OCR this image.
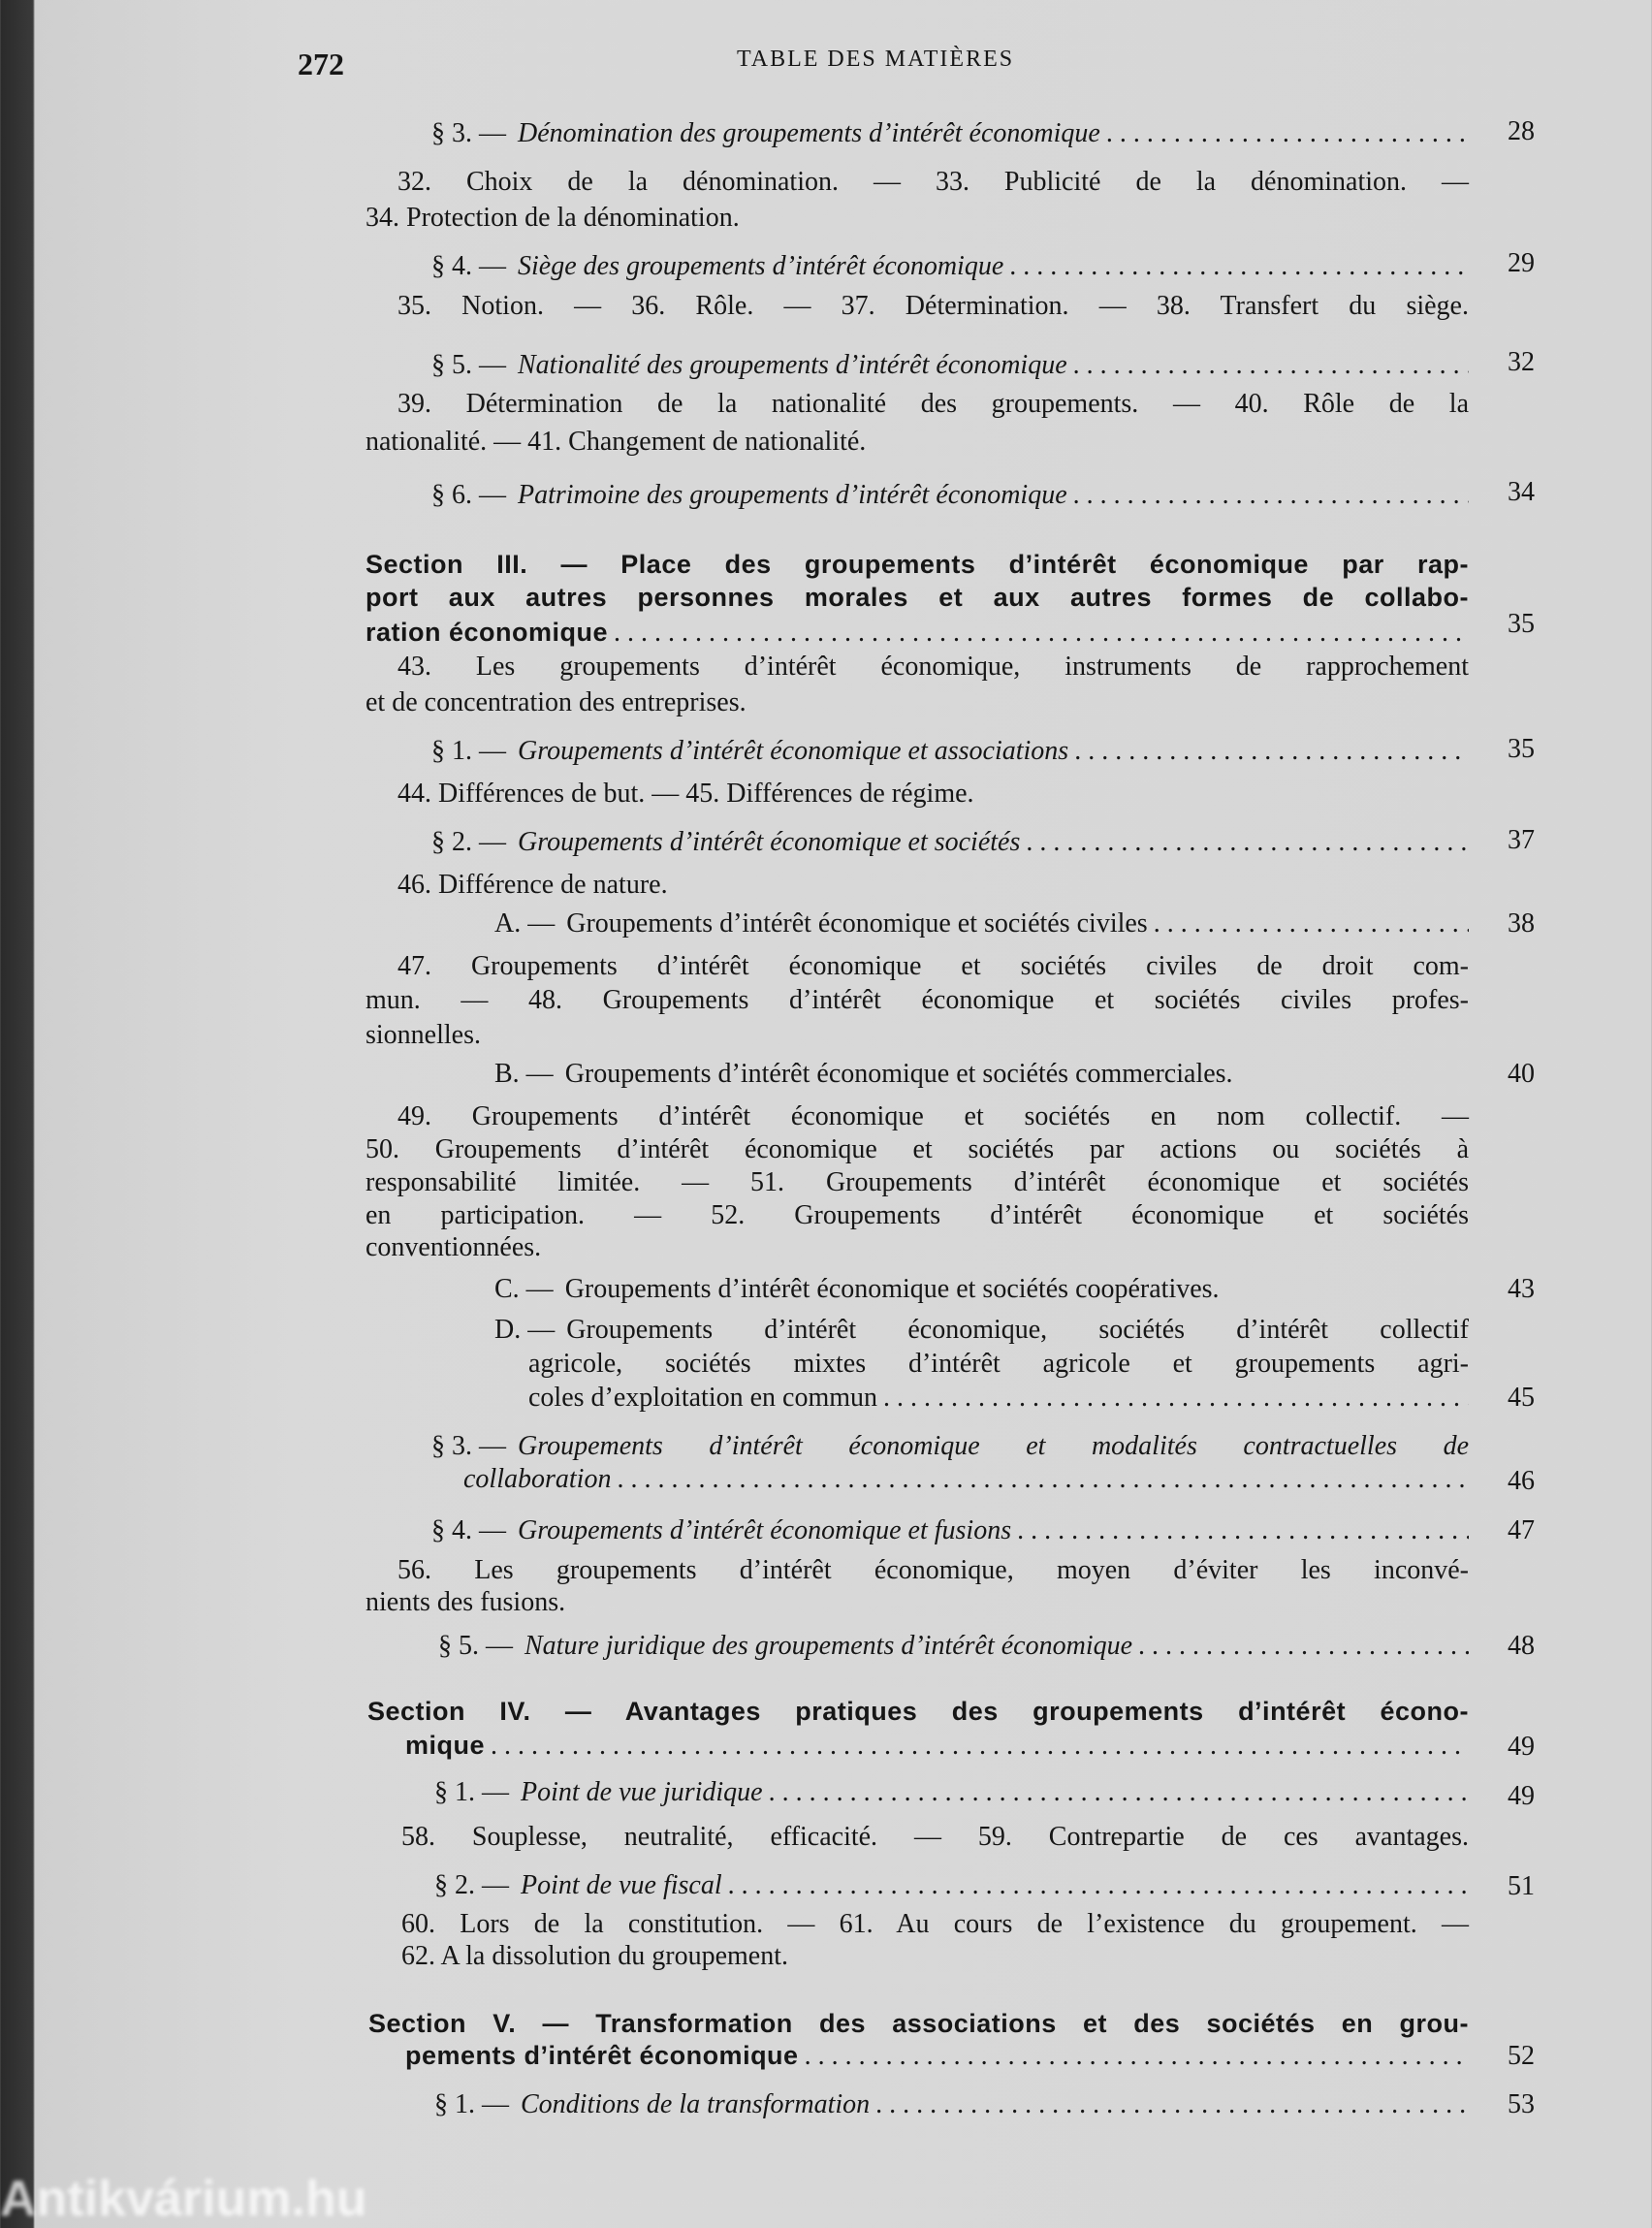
272	TABLE DES MATIÈRES
§ 3. — Dénomination des groupements d’intérêt économique . . .	28
32. Choix de la dénomination. — 33. Publicité de la dénomination. —
34. Protection de la dénomination.
§ 4. — Siège des groupements d’intérêt économique . . .	29
35. Notion. — 36. Rôle. — 37. Détermination. — 38. Transfert du siège.
§ 5. — Nationalité des groupements d’intérêt économique . . .	32
39. Détermination de la nationalité des groupements. — 40. Rôle de la
nationalité. — 41. Changement de nationalité.
§ 6. — Patrimoine des groupements d’intérêt économique . . .	34
Section III. — Place des groupements d’intérêt économique par rap-
port aux autres personnes morales et aux autres formes de collabo-
ration économique . . .	35
43. Les groupements d’intérêt économique, instruments de rapprochement
et de concentration des entreprises.
§ 1. — Groupements d’intérêt économique et associations . . .	35
44. Différences de but. — 45. Différences de régime.
§ 2. — Groupements d’intérêt économique et sociétés . . .	37
46. Différence de nature.
A. — Groupements d’intérêt économique et sociétés civiles . . .	38
47. Groupements d’intérêt économique et sociétés civiles de droit com-
mun. — 48. Groupements d’intérêt économique et sociétés civiles profes-
sionnelles.
B. — Groupements d’intérêt économique et sociétés commerciales.	40
49. Groupements d’intérêt économique et sociétés en nom collectif. —
50. Groupements d’intérêt économique et sociétés par actions ou sociétés à
responsabilité limitée. — 51. Groupements d’intérêt économique et sociétés
en participation. — 52. Groupements d’intérêt économique et sociétés
conventionnées.
C. — Groupements d’intérêt économique et sociétés coopératives.	43
D. — Groupements d’intérêt économique, sociétés d’intérêt collectif
agricole, sociétés mixtes d’intérêt agricole et groupements agri-
coles d’exploitation en commun . . .	45
§ 3. — Groupements d’intérêt économique et modalités contractuelles de
collaboration . . .	46
§ 4. — Groupements d’intérêt économique et fusions . . .	47
56. Les groupements d’intérêt économique, moyen d’éviter les inconvé-
nients des fusions.
§ 5. — Nature juridique des groupements d’intérêt économique . . .	48
Section IV. — Avantages pratiques des groupements d’intérêt écono-
mique . . .	49
§ 1. — Point de vue juridique . . .	49
58. Souplesse, neutralité, efficacité. — 59. Contrepartie de ces avantages.
§ 2. — Point de vue fiscal . . .	51
60. Lors de la constitution. — 61. Au cours de l’existence du groupement. —
62. A la dissolution du groupement.
Section V. — Transformation des associations et des sociétés en grou-
pements d’intérêt économique . . .	52
§ 1. — Conditions de la transformation . . .	53
Antikvárium.hu
